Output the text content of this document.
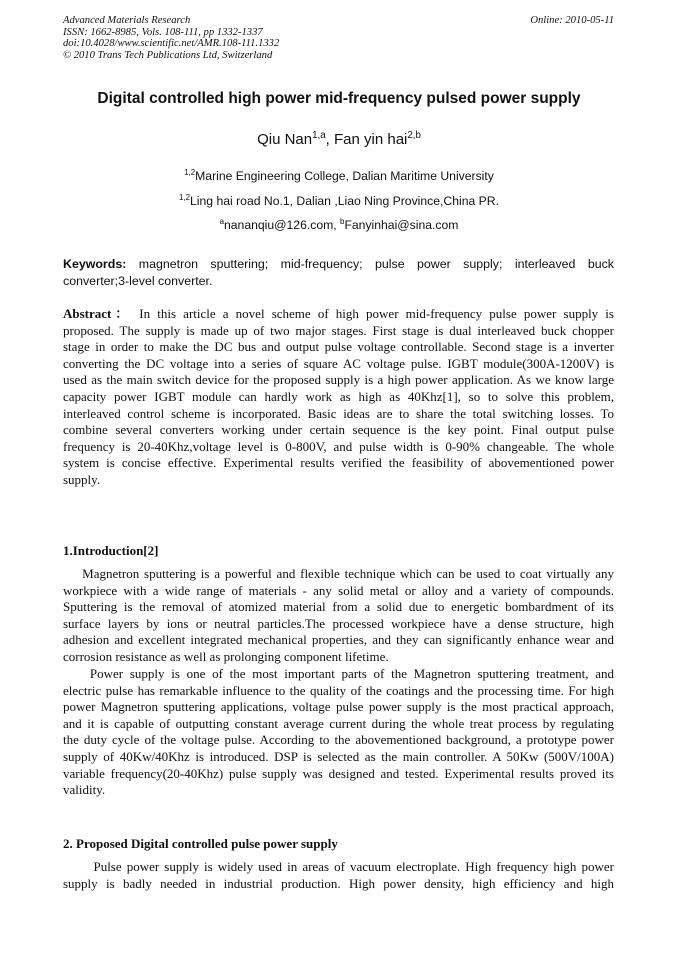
Advanced Materials Research
ISSN: 1662-8985, Vols. 108-111, pp 1332-1337
doi:10.4028/www.scientific.net/AMR.108-111.1332
© 2010 Trans Tech Publications Ltd, Switzerland
Online: 2010-05-11
Digital controlled high power mid-frequency pulsed power supply
Qiu Nan$^{1,a}$, Fan yin hai$^{2,b}$
$^{1,2}$Marine Engineering College, Dalian Maritime University
$^{1,2}$Ling hai road No.1, Dalian ,Liao Ning Province,China PR.
$^a$nananqiu@126.com, $^b$Fanyinhai@sina.com
Keywords: magnetron sputtering; mid-frequency; pulse power supply; interleaved buck
converter;3-level converter.
Abstract： In this article a novel scheme of high power mid-frequency pulse power supply is
proposed. The supply is made up of two major stages. First stage is dual interleaved buck chopper
stage in order to make the DC bus and output pulse voltage controllable. Second stage is a inverter
converting the DC voltage into a series of square AC voltage pulse. IGBT module(300A-1200V) is
used as the main switch device for the proposed supply is a high power application. As we know large
capacity power IGBT module can hardly work as high as 40Khz[1], so to solve this problem,
interleaved control scheme is incorporated. Basic ideas are to share the total switching losses. To
combine several converters working under certain sequence is the key point. Final output pulse
frequency is 20-40Khz,voltage level is 0-800V, and pulse width is 0-90% changeable. The whole
system is concise effective. Experimental results verified the feasibility of abovementioned power
supply.
1.Introduction[2]
Magnetron sputtering is a powerful and flexible technique which can be used to coat virtually any
workpiece with a wide range of materials - any solid metal or alloy and a variety of compounds.
Sputtering is the removal of atomized material from a solid due to energetic bombardment of its
surface layers by ions or neutral particles.The processed workpiece have a dense structure, high
adhesion and excellent integrated mechanical properties, and they can significantly enhance wear and
corrosion resistance as well as prolonging component lifetime.
Power supply is one of the most important parts of the Magnetron sputtering treatment, and
electric pulse has remarkable influence to the quality of the coatings and the processing time. For high
power Magnetron sputtering applications, voltage pulse power supply is the most practical approach,
and it is capable of outputting constant average current during the whole treat process by regulating
the duty cycle of the voltage pulse. According to the abovementioned background, a prototype power
supply of 40Kw/40Khz is introduced. DSP is selected as the main controller. A 50Kw (500V/100A)
variable frequency(20-40Khz) pulse supply was designed and tested. Experimental results proved its
validity.
2. Proposed Digital controlled pulse power supply
Pulse power supply is widely used in areas of vacuum electroplate. High frequency high power
supply is badly needed in industrial production. High power density, high efficiency and high
